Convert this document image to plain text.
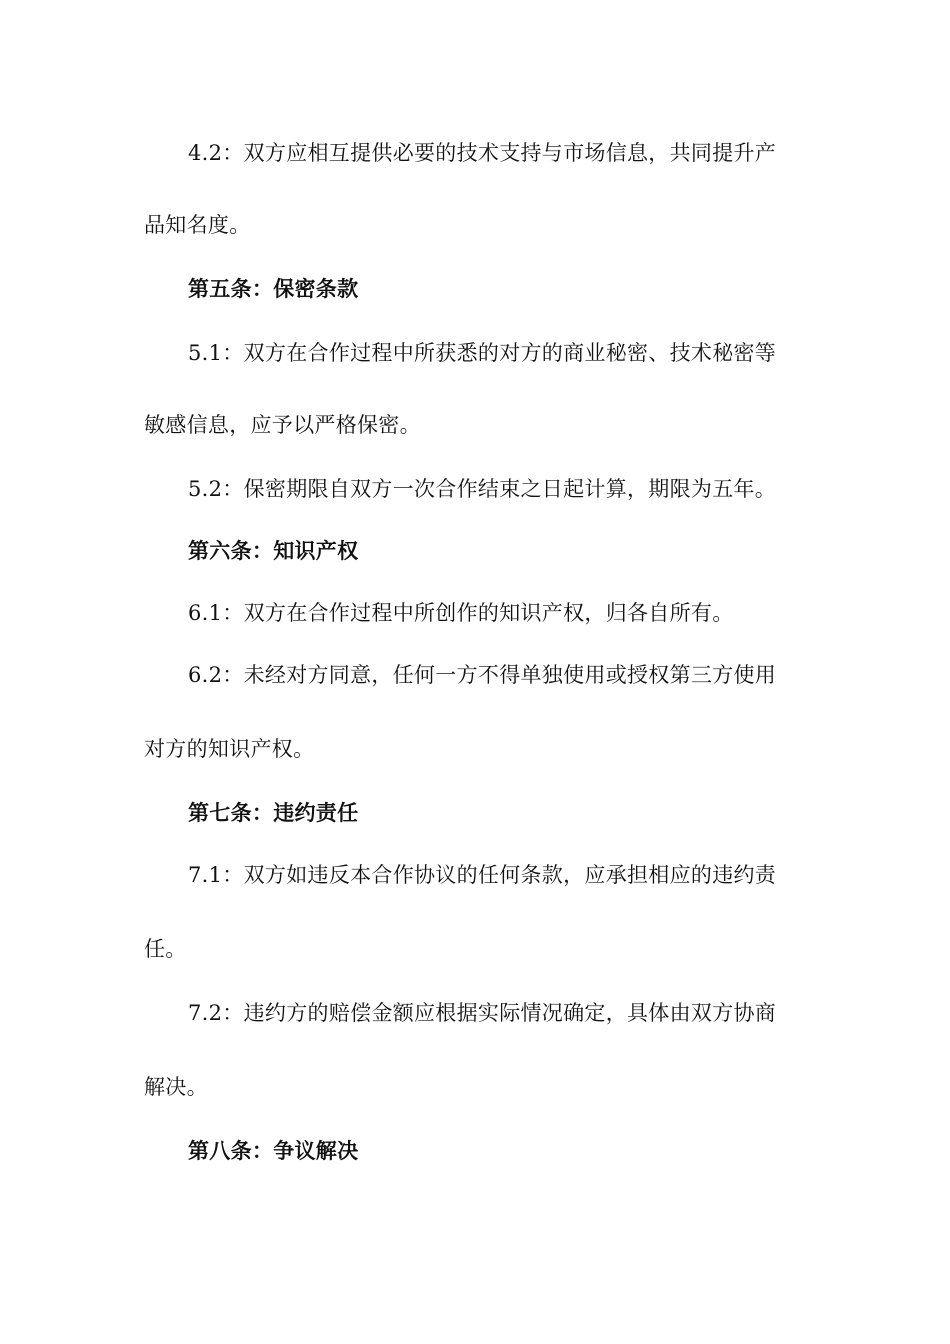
4.2：双方应相互提供必要的技术支持与市场信息，共同提升产
品知名度。
第五条：保密条款
5.1：双方在合作过程中所获悉的对方的商业秘密、技术秘密等
敏感信息，应予以严格保密。
5.2：保密期限自双方一次合作结束之日起计算，期限为五年。
第六条：知识产权
6.1：双方在合作过程中所创作的知识产权，归各自所有。
6.2：未经对方同意，任何一方不得单独使用或授权第三方使用
对方的知识产权。
第七条：违约责任
7.1：双方如违反本合作协议的任何条款，应承担相应的违约责
任。
7.2：违约方的赔偿金额应根据实际情况确定，具体由双方协商
解决。
第八条：争议解决
